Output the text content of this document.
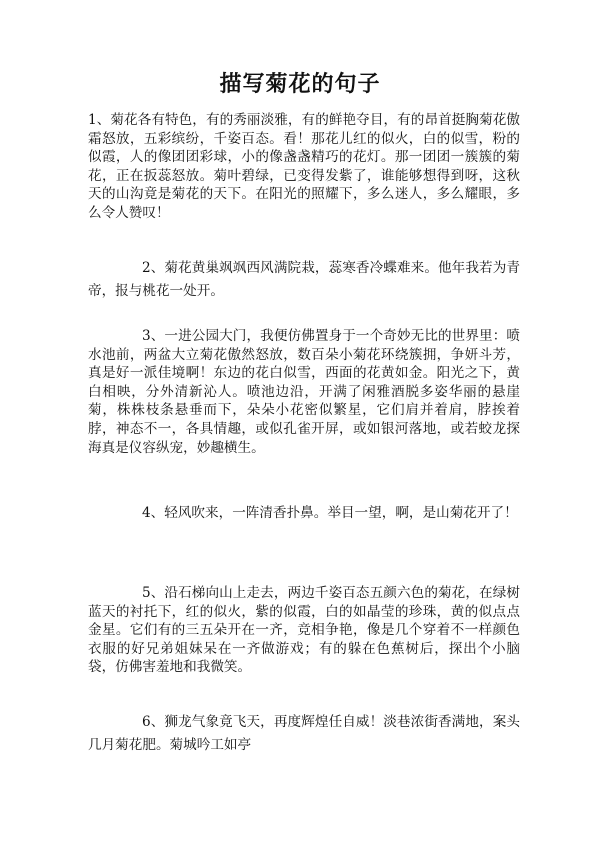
描写菊花的句子

1、菊花各有特色，有的秀丽淡雅，有的鲜艳夺目，有的昂首挺胸菊花傲霜怒放，五彩缤纷，千姿百态。看！那花儿红的似火，白的似雪，粉的似霞，人的像团团彩球，小的像盏盏精巧的花灯。那一团团一簇簇的菊花，正在扳蕊怒放。菊叶碧绿，已变得发紫了，谁能够想得到呀，这秋天的山沟竟是菊花的天下。在阳光的照耀下，多么迷人，多么耀眼，多么令人赞叹！

2、菊花黄巢飒飒西风满院栽，蕊寒香冷蝶难来。他年我若为青帝，报与桃花一处开。

3、一进公园大门，我便仿佛置身于一个奇妙无比的世界里：喷水池前，两盆大立菊花傲然怒放，数百朵小菊花环绕簇拥，争妍斗芳，真是好一派佳境啊！东边的花白似雪，西面的花黄如金。阳光之下，黄白相映，分外清新沁人。喷池边沿，开满了闲雅酒脱多姿华丽的悬崖菊，株株枝条悬垂而下，朵朵小花密似繁星，它们肩并着肩，脖挨着脖，神态不一，各具情趣，或似孔雀开屏，或如银河落地，或若蛟龙探海真是仪容纵宠，妙趣横生。

4、轻风吹来，一阵清香扑鼻。举目一望，啊，是山菊花开了！

5、沿石梯向山上走去，两边千姿百态五颜六色的菊花，在绿树蓝天的衬托下，红的似火，紫的似霞，白的如晶莹的珍珠，黄的似点点金星。它们有的三五朵开在一齐，竞相争艳，像是几个穿着不一样颜色衣服的好兄弟姐妹呆在一齐做游戏；有的躲在色蕉树后，探出个小脑袋，仿佛害羞地和我微笑。

6、狮龙气象竟飞天，再度辉煌任自威！淡巷浓街香满地，案头几月菊花肥。菊城吟工如亭
